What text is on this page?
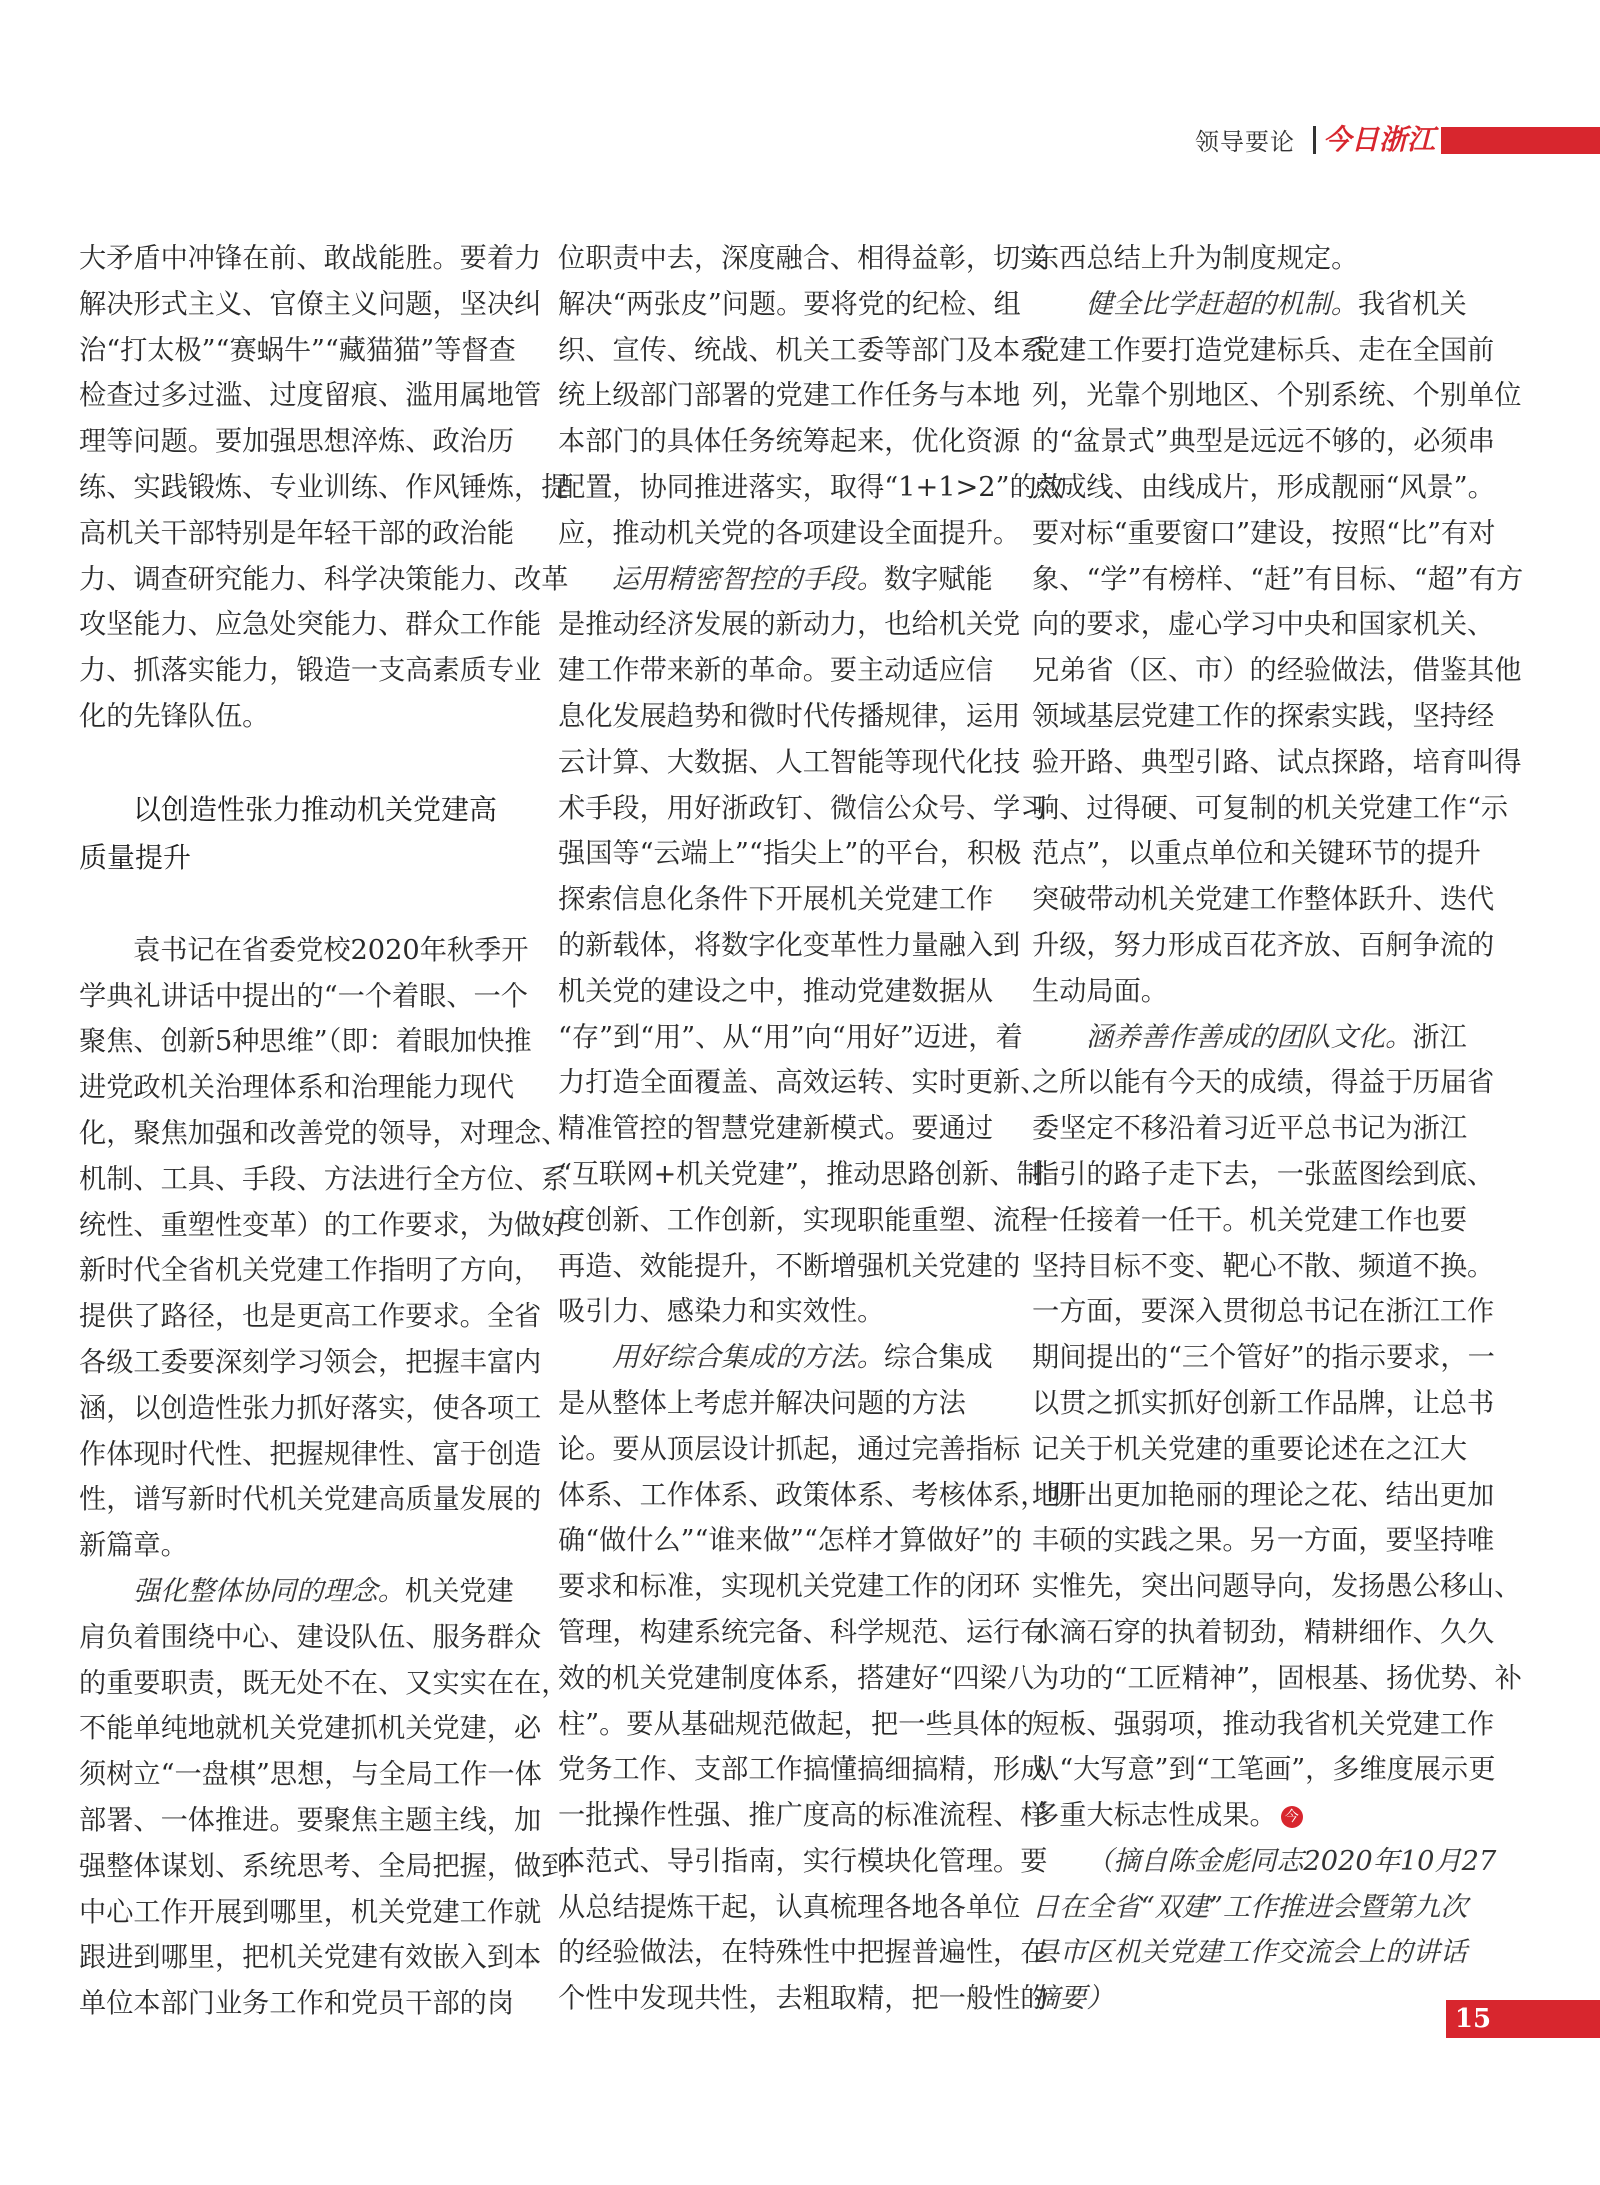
领导要论 今日浙江
大矛盾中冲锋在前、敢战能胜。要着力
解决形式主义、官僚主义问题，坚决纠
治“打太极”“赛蜗牛”“藏猫猫”等督查
检查过多过滥、过度留痕、滥用属地管
理等问题。要加强思想淬炼、政治历
练、实践锻炼、专业训练、作风锤炼，提
高机关干部特别是年轻干部的政治能
力、调查研究能力、科学决策能力、改革
攻坚能力、应急处突能力、群众工作能
力、抓落实能力，锻造一支高素质专业
化的先锋队伍。
以创造性张力推动机关党建高
质量提升
袁书记在省委党校2020年秋季开
学典礼讲话中提出的“一个着眼、一个
聚焦、创新5种思维”（即：着眼加快推
进党政机关治理体系和治理能力现代
化，聚焦加强和改善党的领导，对理念、
机制、工具、手段、方法进行全方位、系
统性、重塑性变革）的工作要求，为做好
新时代全省机关党建工作指明了方向，
提供了路径，也是更高工作要求。全省
各级工委要深刻学习领会，把握丰富内
涵，以创造性张力抓好落实，使各项工
作体现时代性、把握规律性、富于创造
性，谱写新时代机关党建高质量发展的
新篇章。
强化整体协同的理念。机关党建
肩负着围绕中心、建设队伍、服务群众
的重要职责，既无处不在、又实实在在，
不能单纯地就机关党建抓机关党建，必
须树立“一盘棋”思想，与全局工作一体
部署、一体推进。要聚焦主题主线，加
强整体谋划、系统思考、全局把握，做到
中心工作开展到哪里，机关党建工作就
跟进到哪里，把机关党建有效嵌入到本
单位本部门业务工作和党员干部的岗
位职责中去，深度融合、相得益彰，切实
解决“两张皮”问题。要将党的纪检、组
织、宣传、统战、机关工委等部门及本系
统上级部门部署的党建工作任务与本地
本部门的具体任务统筹起来，优化资源
配置，协同推进落实，取得“1+1>2”的效
应，推动机关党的各项建设全面提升。
运用精密智控的手段。数字赋能
是推动经济发展的新动力，也给机关党
建工作带来新的革命。要主动适应信
息化发展趋势和微时代传播规律，运用
云计算、大数据、人工智能等现代化技
术手段，用好浙政钉、微信公众号、学习
强国等“云端上”“指尖上”的平台，积极
探索信息化条件下开展机关党建工作
的新载体，将数字化变革性力量融入到
机关党的建设之中，推动党建数据从
“存”到“用”、从“用”向“用好”迈进，着
力打造全面覆盖、高效运转、实时更新、
精准管控的智慧党建新模式。要通过
“互联网+机关党建”，推动思路创新、制
度创新、工作创新，实现职能重塑、流程
再造、效能提升，不断增强机关党建的
吸引力、感染力和实效性。
用好综合集成的方法。综合集成
是从整体上考虑并解决问题的方法
论。要从顶层设计抓起，通过完善指标
体系、工作体系、政策体系、考核体系，明
确“做什么”“谁来做”“怎样才算做好”的
要求和标准，实现机关党建工作的闭环
管理，构建系统完备、科学规范、运行有
效的机关党建制度体系，搭建好“四梁八
柱”。要从基础规范做起，把一些具体的
党务工作、支部工作搞懂搞细搞精，形成
一批操作性强、推广度高的标准流程、样
本范式、导引指南，实行模块化管理。要
从总结提炼干起，认真梳理各地各单位
的经验做法，在特殊性中把握普遍性，在
个性中发现共性，去粗取精，把一般性的
东西总结上升为制度规定。
健全比学赶超的机制。我省机关
党建工作要打造党建标兵、走在全国前
列，光靠个别地区、个别系统、个别单位
的“盆景式”典型是远远不够的，必须串
点成线、由线成片，形成靓丽“风景”。
要对标“重要窗口”建设，按照“比”有对
象、“学”有榜样、“赶”有目标、“超”有方
向的要求，虚心学习中央和国家机关、
兄弟省（区、市）的经验做法，借鉴其他
领域基层党建工作的探索实践，坚持经
验开路、典型引路、试点探路，培育叫得
响、过得硬、可复制的机关党建工作“示
范点”，以重点单位和关键环节的提升
突破带动机关党建工作整体跃升、迭代
升级，努力形成百花齐放、百舸争流的
生动局面。
涵养善作善成的团队文化。浙江
之所以能有今天的成绩，得益于历届省
委坚定不移沿着习近平总书记为浙江
指引的路子走下去，一张蓝图绘到底、
一任接着一任干。机关党建工作也要
坚持目标不变、靶心不散、频道不换。
一方面，要深入贯彻总书记在浙江工作
期间提出的“三个管好”的指示要求，一
以贯之抓实抓好创新工作品牌，让总书
记关于机关党建的重要论述在之江大
地开出更加艳丽的理论之花、结出更加
丰硕的实践之果。另一方面，要坚持唯
实惟先，突出问题导向，发扬愚公移山、
水滴石穿的执着韧劲，精耕细作、久久
为功的“工匠精神”，固根基、扬优势、补
短板、强弱项，推动我省机关党建工作
从“大写意”到“工笔画”，多维度展示更
多重大标志性成果。 今
（摘自陈金彪同志2020年10月27
日在全省“双建”工作推进会暨第九次
县市区机关党建工作交流会上的讲话
摘要）
15
